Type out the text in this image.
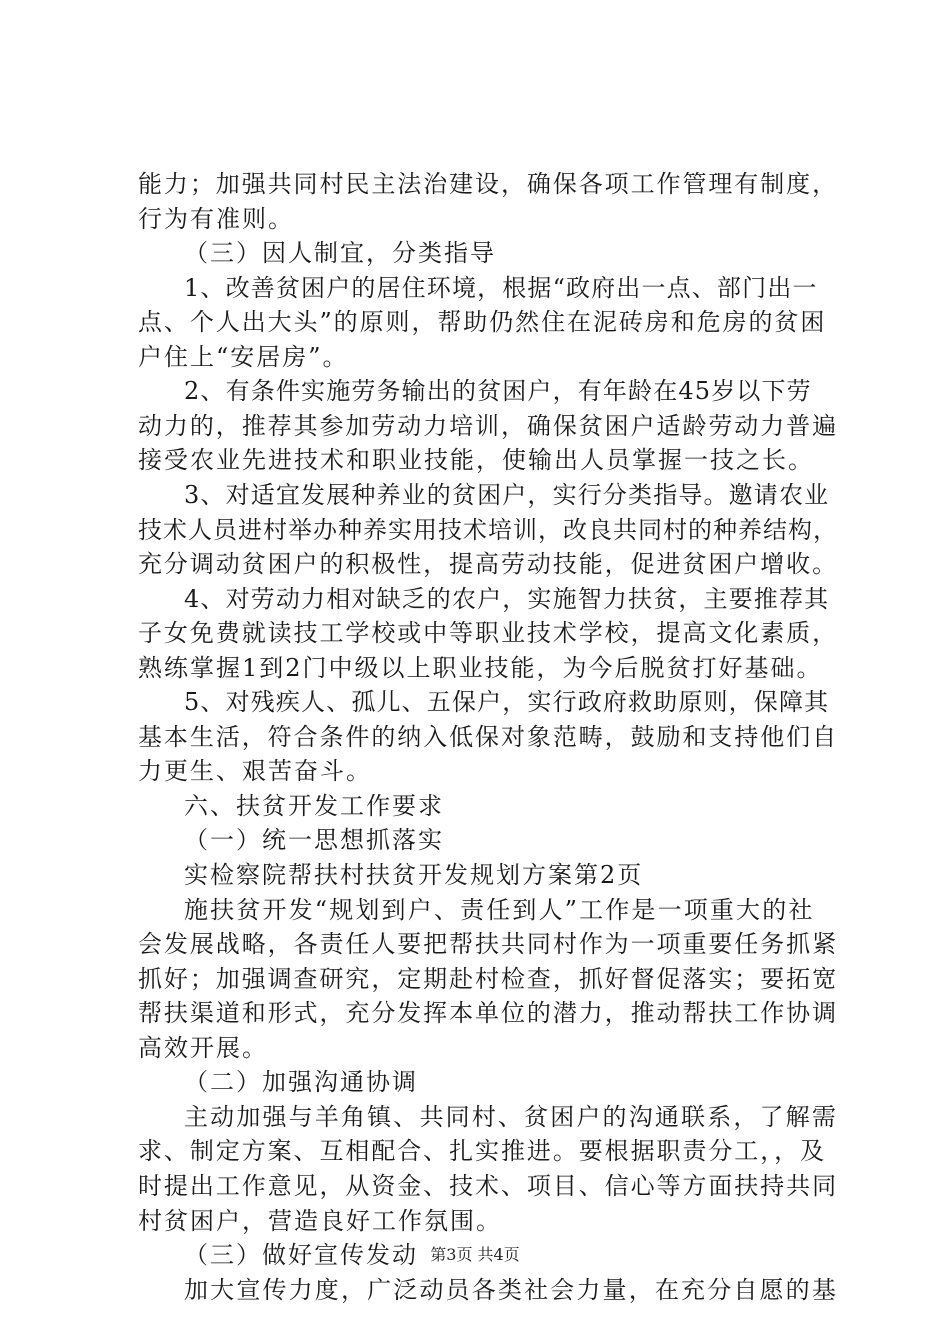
能力；加强共同村民主法治建设，确保各项工作管理有制度，
行为有准则。
（三）因人制宜，分类指导
1、改善贫困户的居住环境，根据“政府出一点、部门出一
点、个人出大头”的原则，帮助仍然住在泥砖房和危房的贫困
户住上“安居房”。
2、有条件实施劳务输出的贫困户，有年龄在45岁以下劳
动力的，推荐其参加劳动力培训，确保贫困户适龄劳动力普遍
接受农业先进技术和职业技能，使输出人员掌握一技之长。
3、对适宜发展种养业的贫困户，实行分类指导。邀请农业
技术人员进村举办种养实用技术培训，改良共同村的种养结构，
充分调动贫困户的积极性，提高劳动技能，促进贫困户增收。
4、对劳动力相对缺乏的农户，实施智力扶贫，主要推荐其
子女免费就读技工学校或中等职业技术学校，提高文化素质，
熟练掌握1到2门中级以上职业技能，为今后脱贫打好基础。
5、对残疾人、孤儿、五保户，实行政府救助原则，保障其
基本生活，符合条件的纳入低保对象范畴，鼓励和支持他们自
力更生、艰苦奋斗。
六、扶贫开发工作要求
（一）统一思想抓落实
实检察院帮扶村扶贫开发规划方案第2页
施扶贫开发“规划到户、责任到人”工作是一项重大的社
会发展战略，各责任人要把帮扶共同村作为一项重要任务抓紧
抓好；加强调查研究，定期赴村检查，抓好督促落实；要拓宽
帮扶渠道和形式，充分发挥本单位的潜力，推动帮扶工作协调
高效开展。
（二）加强沟通协调
主动加强与羊角镇、共同村、贫困户的沟通联系，了解需
求、制定方案、互相配合、扎实推进。要根据职责分工，，及
时提出工作意见，从资金、技术、项目、信心等方面扶持共同
村贫困户，营造良好工作氛围。
（三）做好宣传发动
加大宣传力度，广泛动员各类社会力量，在充分自愿的基
第3页 共4页
